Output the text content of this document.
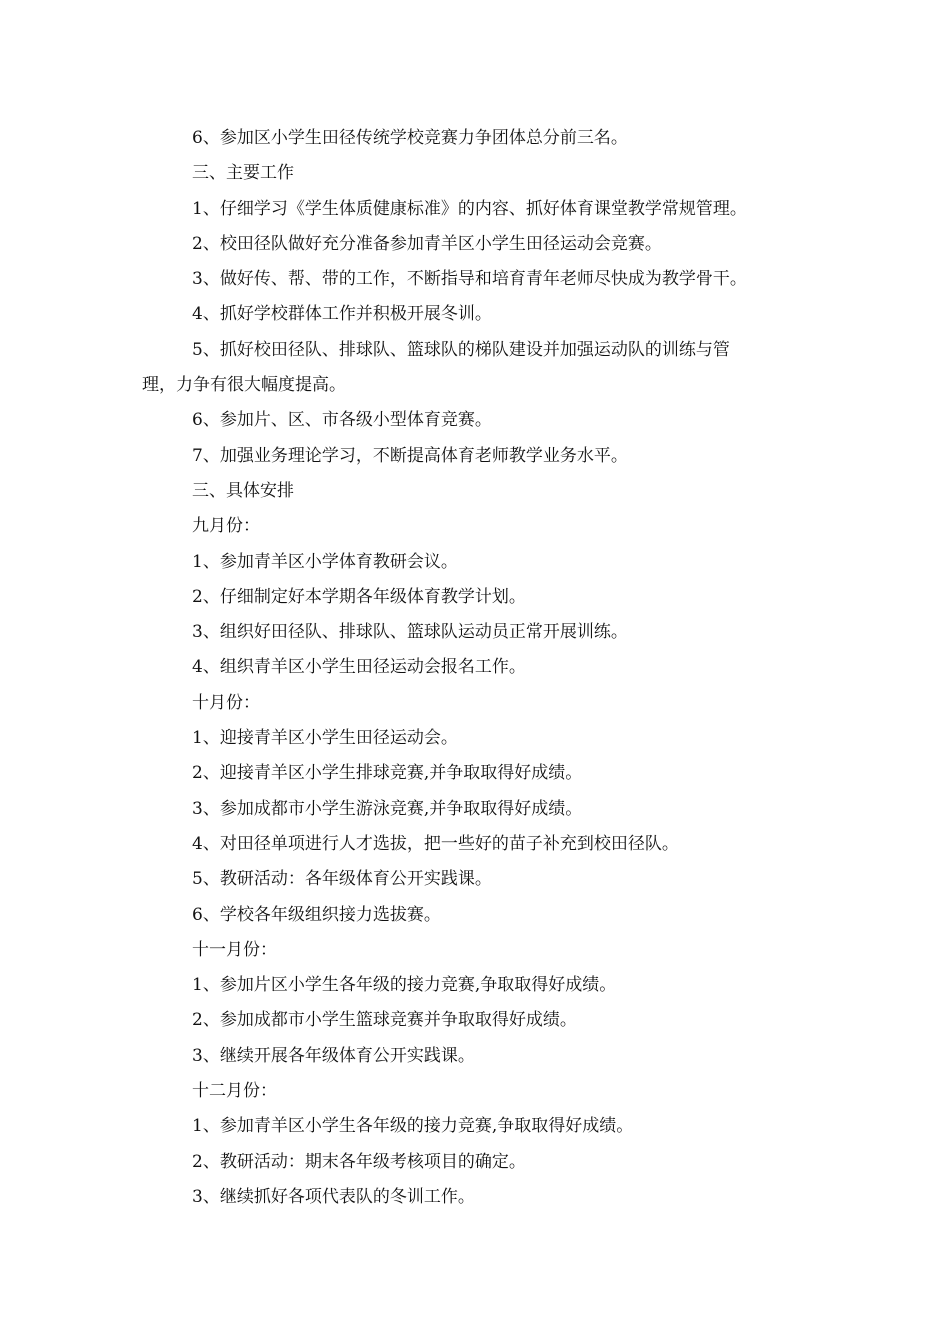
6、参加区小学生田径传统学校竞赛力争团体总分前三名。
三、主要工作
1、仔细学习《学生体质健康标准》的内容、抓好体育课堂教学常规管理。
2、校田径队做好充分准备参加青羊区小学生田径运动会竞赛。
3、做好传、帮、带的工作，不断指导和培育青年老师尽快成为教学骨干。
4、抓好学校群体工作并积极开展冬训。
5、抓好校田径队、排球队、篮球队的梯队建设并加强运动队的训练与管
理，力争有很大幅度提高。
6、参加片、区、市各级小型体育竞赛。
7、加强业务理论学习，不断提高体育老师教学业务水平。
三、具体安排
九月份：
1、参加青羊区小学体育教研会议。
2、仔细制定好本学期各年级体育教学计划。
3、组织好田径队、排球队、篮球队运动员正常开展训练。
4、组织青羊区小学生田径运动会报名工作。
十月份：
1、迎接青羊区小学生田径运动会。
2、迎接青羊区小学生排球竞赛,并争取取得好成绩。
3、参加成都市小学生游泳竞赛,并争取取得好成绩。
4、对田径单项进行人才选拔，把一些好的苗子补充到校田径队。
5、教研活动：各年级体育公开实践课。
6、学校各年级组织接力选拔赛。
十一月份：
1、参加片区小学生各年级的接力竞赛,争取取得好成绩。
2、参加成都市小学生篮球竞赛并争取取得好成绩。
3、继续开展各年级体育公开实践课。
十二月份：
1、参加青羊区小学生各年级的接力竞赛,争取取得好成绩。
2、教研活动：期末各年级考核项目的确定。
3、继续抓好各项代表队的冬训工作。
